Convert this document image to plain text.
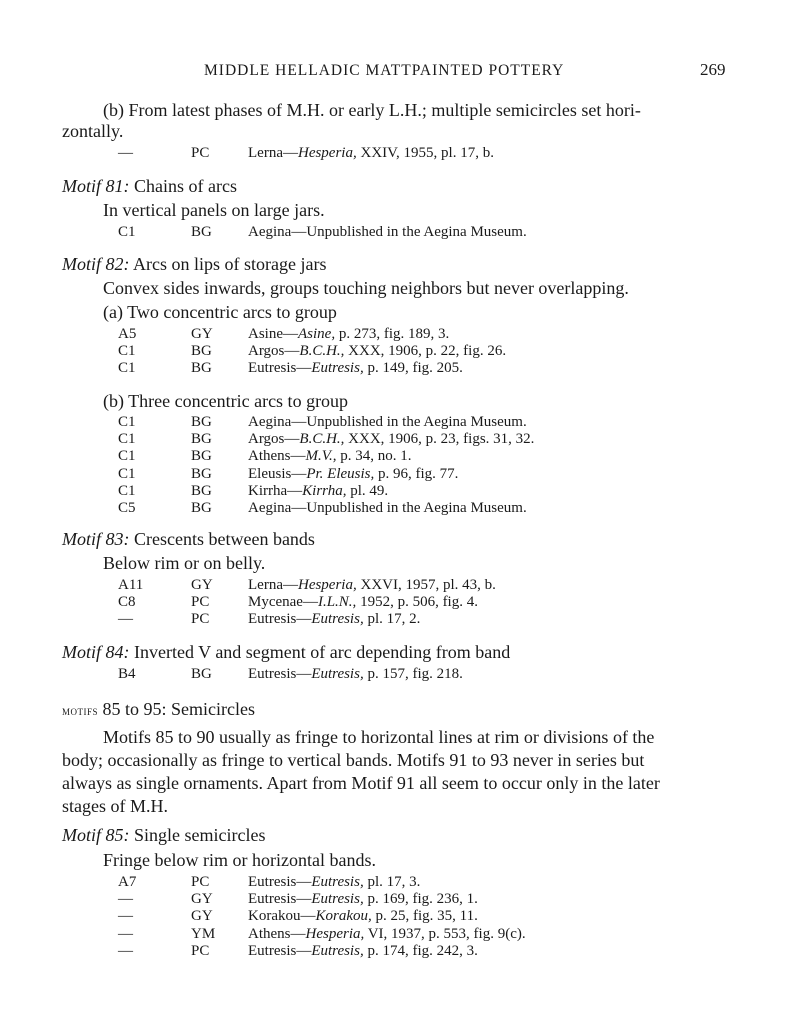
MIDDLE HELLADIC MATTPAINTED POTTERY	269
(b) From latest phases of M.H. or early L.H.; multiple semicircles set hori-
zontally.
—	PC	Lerna—Hesperia, XXIV, 1955, pl. 17, b.
Motif 81: Chains of arcs
In vertical panels on large jars.
C1	BG Aegina—Unpublished in the Aegina Museum.
Motif 82: Arcs on lips of storage jars
Convex sides inwards, groups touching neighbors but never overlapping.
(a) Two concentric arcs to group
A5	GY Asine—Asine, p. 273, fig. 189, 3.
C1	BG Argos—B.C.H., XXX, 1906, p. 22, fig. 26.
C1	BG Eutresis—Eutresis, p. 149, fig. 205.
(b) Three concentric arcs to group
C1	BG Aegina—Unpublished in the Aegina Museum.
C1	BG Argos—B.C.H., XXX, 1906, p. 23, figs. 31, 32.
C1	BG Athens—M.V., p. 34, no. 1.
C1	BG Eleusis—Pr. Eleusis, p. 96, fig. 77.
C1	BG Kirrha—Kirrha, pl. 49.
C5	BG Aegina—Unpublished in the Aegina Museum.
Motif 83: Crescents between bands
Below rim or on belly.
A11	GY Lerna—Hesperia, XXVI, 1957, pl. 43, b.
C8	PC	Mycenae—I.L.N., 1952, p. 506, fig. 4.
—	PC	Eutresis—Eutresis, pl. 17, 2.
Motif 84: Inverted V and segment of arc depending from band
B4	BG Eutresis—Eutresis, p. 157, fig. 218.
motifs 85 to 95: Semicircles
Motifs 85 to 90 usually as fringe to horizontal lines at rim or divisions of the
body; occasionally as fringe to vertical bands. Motifs 91 to 93 never in series but
always as single ornaments. Apart from Motif 91 all seem to occur only in the later
stages of M.H.
Motif 85: Single semicircles
Fringe below rim or horizontal bands.
A7	PC	Eutresis—Eutresis, pl. 17, 3.
—	GY Eutresis—Eutresis, p. 169, fig. 236, 1.
—	GY Korakou—Korakou, p. 25, fig. 35, 11.
—	YM Athens—Hesperia, VI, 1937, p. 553, fig. 9(c).
—	PC	Eutresis—Eutresis, p. 174, fig. 242, 3.
